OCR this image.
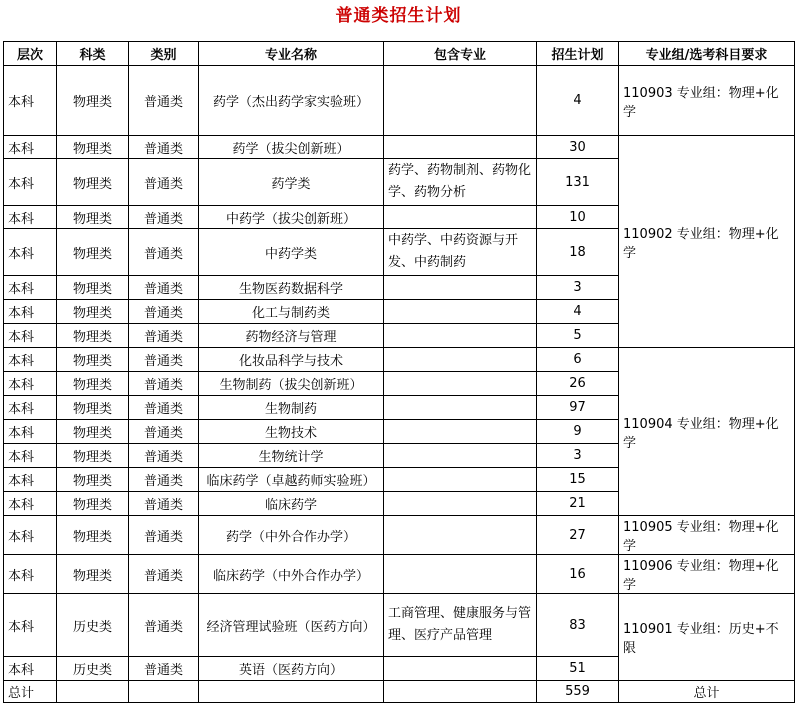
普通类招生计划
层次	科类	类别	专业名称	包含专业	招生计划	专业组/选考科目要求
本科	物理类	普通类	药学（杰出药学家实验班）		4	110903 专业组：物理+化学
本科	物理类	普通类	药学（拔尖创新班）		30	110902 专业组：物理+化学
本科	物理类	普通类	药学类	药学、药物制剂、药物化学、药物分析	131	
本科	物理类	普通类	中药学（拔尖创新班）		10	
本科	物理类	普通类	中药学类	中药学、中药资源与开发、中药制药	18	
本科	物理类	普通类	生物医药数据科学		3	
本科	物理类	普通类	化工与制药类		4	
本科	物理类	普通类	药物经济与管理		5	
本科	物理类	普通类	化妆品科学与技术		6	110904 专业组：物理+化学
本科	物理类	普通类	生物制药（拔尖创新班）		26	
本科	物理类	普通类	生物制药		97	
本科	物理类	普通类	生物技术		9	
本科	物理类	普通类	生物统计学		3	
本科	物理类	普通类	临床药学（卓越药师实验班）		15	
本科	物理类	普通类	临床药学		21	
本科	物理类	普通类	药学（中外合作办学）		27	110905 专业组：物理+化学
本科	物理类	普通类	临床药学（中外合作办学）		16	110906 专业组：物理+化学
本科	历史类	普通类	经济管理试验班（医药方向）	工商管理、健康服务与管理、医疗产品管理	83	110901 专业组：历史+不限
本科	历史类	普通类	英语（医药方向）		51	
总计					559	总计
